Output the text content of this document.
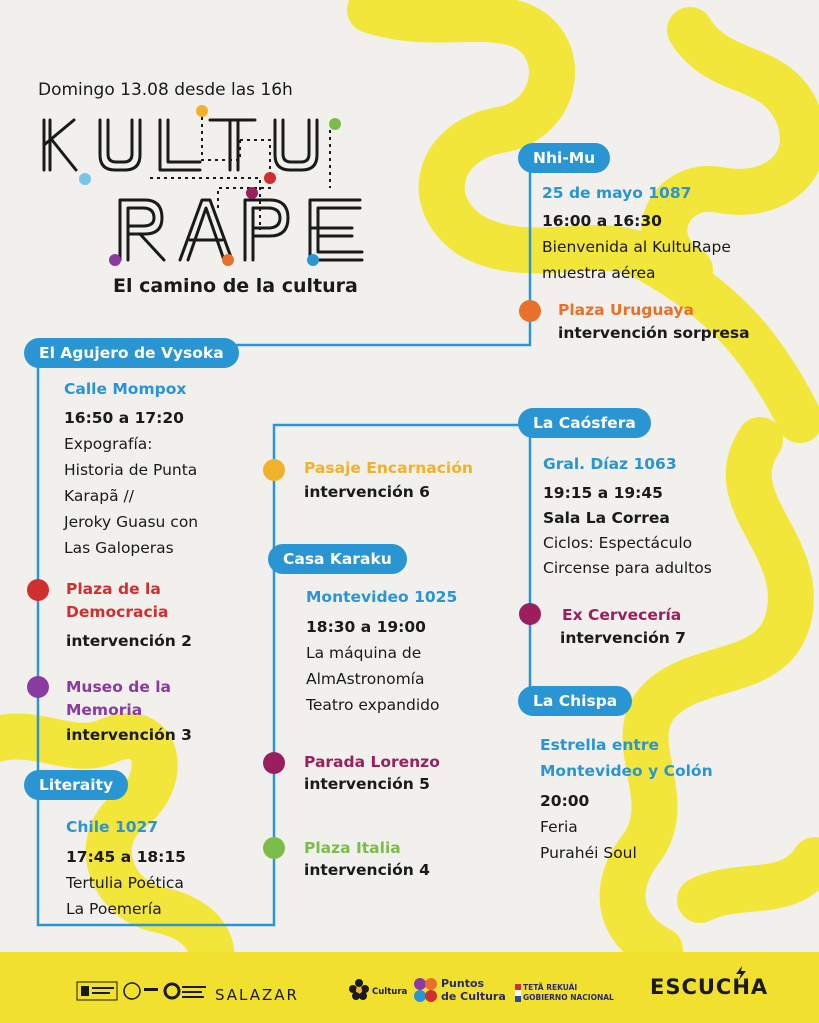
Domingo 13.08 desde las 16h
El camino de la cultura
Nhi-Mu
25 de mayo 1087
16:00 a 16:30
Bienvenida al KultuRape
muestra aérea
Plaza Uruguaya
intervención sorpresa
El Agujero de Vysoka
Calle Mompox
16:50 a 17:20
Expografía:
Historia de Punta
Karapã //
Jeroky Guasu con
Las Galoperas
Plaza de la
Democracia
intervención 2
Museo de la
Memoria
intervención 3
Literaity
Chile 1027
17:45 a 18:15
Tertulia Poética
La Poemería
Pasaje Encarnación
intervención 6
Casa Karaku
Montevideo 1025
18:30 a 19:00
La máquina de
AlmAstronomía
Teatro expandido
Parada Lorenzo
intervención 5
Plaza Italia
intervención 4
La Caósfera
Gral. Díaz 1063
19:15 a 19:45
Sala La Correa
Ciclos: Espectáculo
Circense para adultos
Ex Cervecería
intervención 7
La Chispa
Estrella entre
Montevideo y Colón
20:00
Feria
Purahéi Soul
SALAZAR	Cultura
Puntos
de Cultura
TETÃ REKUÁI
GOBIERNO NACIONAL ESCUCHA
